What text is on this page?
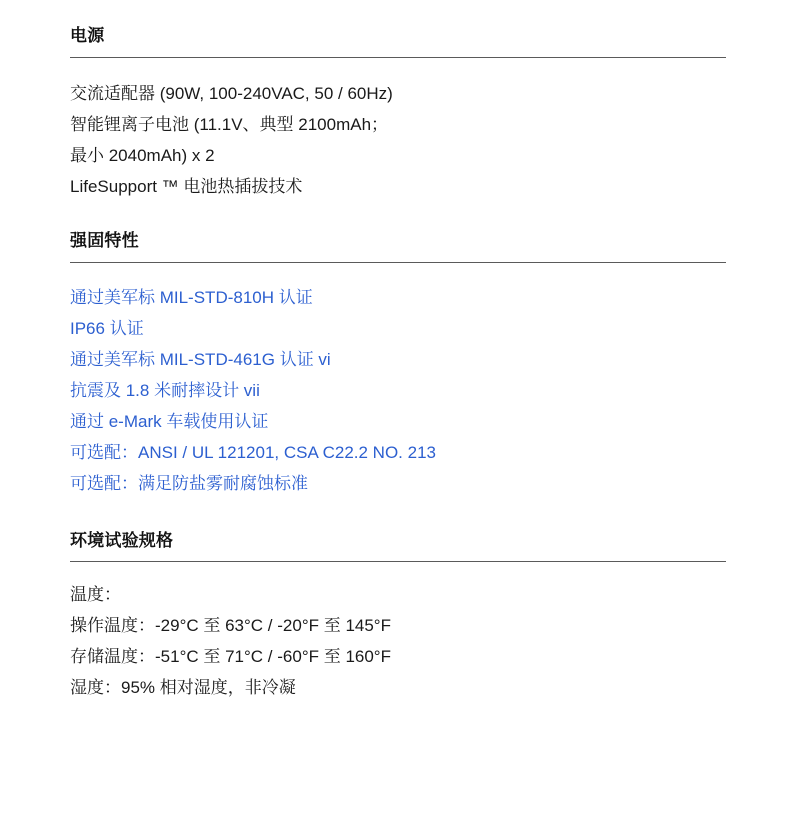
电源
交流适配器 (90W, 100-240VAC, 50 / 60Hz)
智能锂离子电池 (11.1V、典型 2100mAh；
最小 2040mAh) x 2
LifeSupport ™ 电池热插拔技术
强固特性
通过美军标 MIL-STD-810H 认证
IP66 认证
通过美军标 MIL-STD-461G 认证 vi
抗震及 1.8 米耐摔设计 vii
通过 e-Mark 车载使用认证
可选配：ANSI / UL 121201, CSA C22.2 NO. 213
可选配：满足防盐雾耐腐蚀标准
环境试验规格
温度：
操作温度：-29°C 至 63°C / -20°F 至 145°F
存储温度：-51°C 至 71°C / -60°F 至 160°F
湿度：95% 相对湿度，非冷凝
